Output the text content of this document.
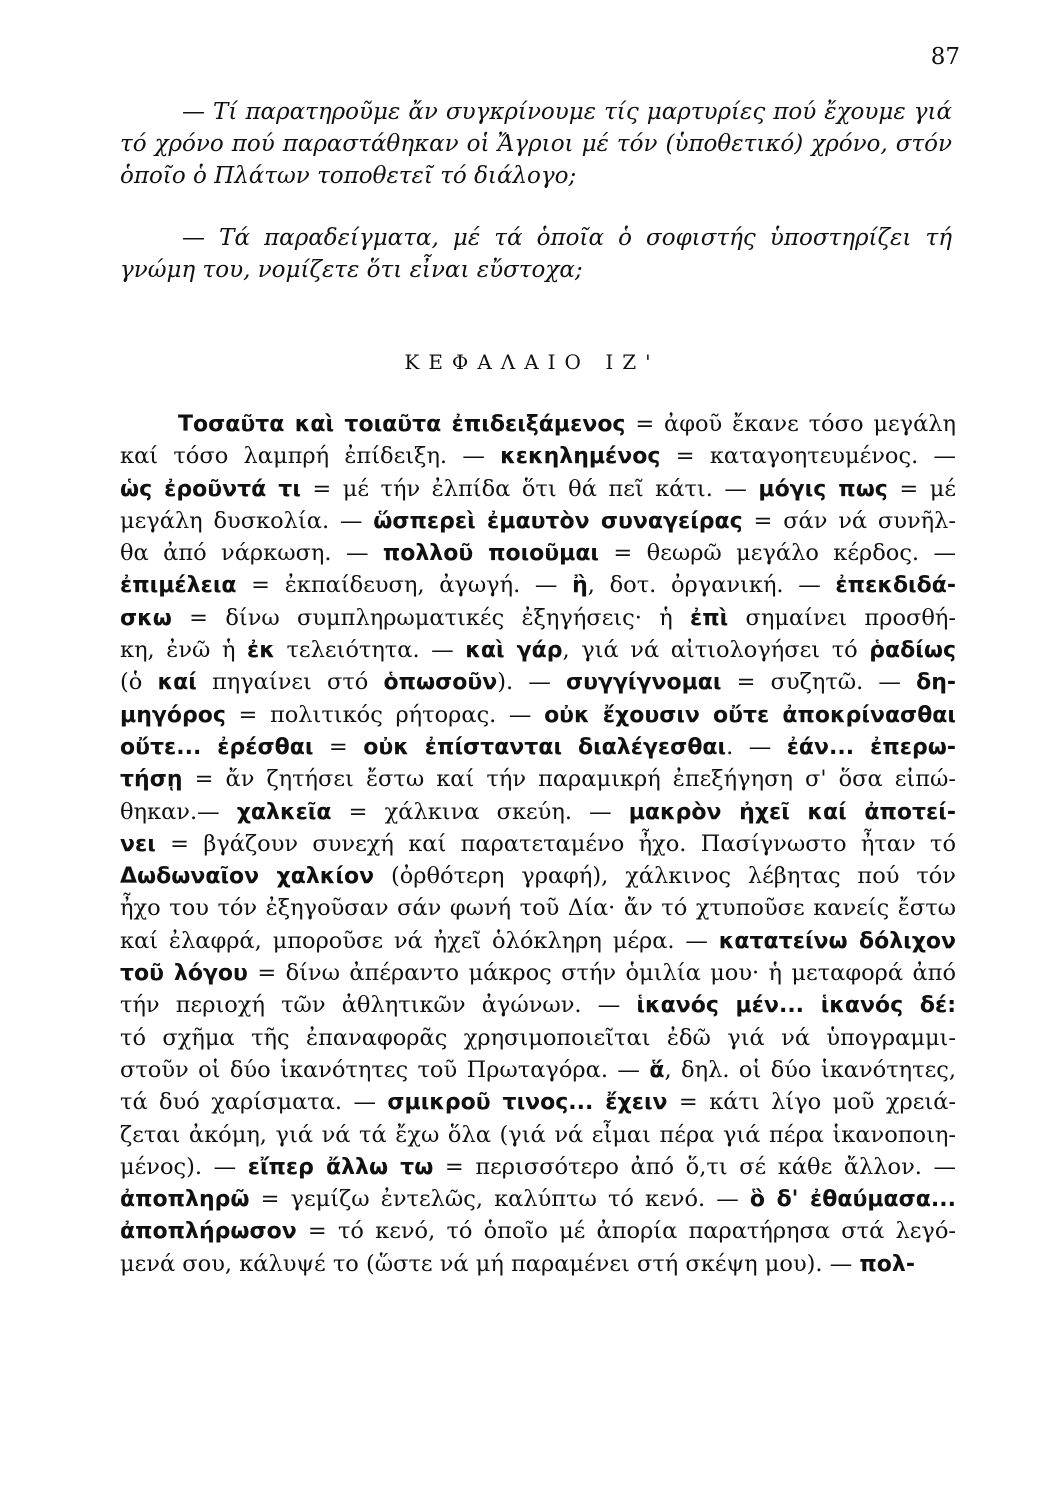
87
— Τί παρατηροῦμε ἄν συγκρίνουμε τίς μαρτυρίες πού ἔχουμε γιά τό χρόνο πού παραστάθηκαν οἱ Ἄγριοι μέ τόν (ὑποθετικό) χρόνο, στόν ὁποῖο ὁ Πλάτων τοποθετεῖ τό διάλογο;
— Τά παραδείγματα, μέ τά ὁποῖα ὁ σοφιστής ὑποστηρίζει τή γνώμη του, νομίζετε ὅτι εἶναι εὔστοχα;
ΚΕΦΑΛΑΙΟ ΙΖ'
Τοσαῦτα καὶ τοιαῦτα ἐπιδειξάμενος = ἀφοῦ ἔκανε τόσο μεγάλη
καί τόσο λαμπρή ἐπίδειξη. — κεκηλημένος = καταγοητευμένος. —
ὡς ἐροῦντά τι = μέ τήν ἐλπίδα ὅτι θά πεῖ κάτι. — μόγις πως = μέ
μεγάλη δυσκολία. — ὥσπερεὶ ἐμαυτὸν συναγείρας = σάν νά συνῆλ-
θα ἀπό νάρκωση. — πολλοῦ ποιοῦμαι = θεωρῶ μεγάλο κέρδος. —
ἐπιμέλεια = ἐκπαίδευση, ἀγωγή. — ἢ, δοτ. ὀργανική. — ἐπεκδιδά-
σκω = δίνω συμπληρωματικές ἐξηγήσεις· ἡ ἐπὶ σημαίνει προσθή-
κη, ἐνῶ ἡ ἐκ τελειότητα. — καὶ γάρ, γιά νά αἰτιολογήσει τό ῥαδίως
(ὁ καί πηγαίνει στό ὁπωσοῦν). — συγγίγνομαι = συζητῶ. — δη-
μηγόρος = πολιτικός ρήτορας. — οὐκ ἔχουσιν οὔτε ἀποκρίνασθαι
οὔτε... ἐρέσθαι = οὐκ ἐπίστανται διαλέγεσθαι. — ἐάν... ἐπερω-
τήσῃ = ἄν ζητήσει ἔστω καί τήν παραμικρή ἐπεξήγηση σ' ὅσα εἰπώ-
θηκαν.— χαλκεῖα = χάλκινα σκεύη. — μακρὸν ἠχεῖ καί ἀποτεί-
νει = βγάζουν συνεχή καί παρατεταμένο ἦχο. Πασίγνωστο ἦταν τό
Δωδωναῖον χαλκίον (ὀρθότερη γραφή), χάλκινος λέβητας πού τόν
ἦχο του τόν ἐξηγοῦσαν σάν φωνή τοῦ Δία· ἄν τό χτυποῦσε κανείς ἔστω
καί ἐλαφρά, μποροῦσε νά ἠχεῖ ὁλόκληρη μέρα. — κατατείνω δόλιχον
τοῦ λόγου = δίνω ἀπέραντο μάκρος στήν ὁμιλία μου· ἡ μεταφορά ἀπό
τήν περιοχή τῶν ἀθλητικῶν ἀγώνων. — ἱκανός μέν... ἱκανός δέ:
τό σχῆμα τῆς ἐπαναφορᾶς χρησιμοποιεῖται ἐδῶ γιά νά ὑπογραμμι-
στοῦν οἱ δύο ἱκανότητες τοῦ Πρωταγόρα. — ἅ, δηλ. οἱ δύο ἱκανότητες,
τά δυό χαρίσματα. — σμικροῦ τινος... ἔχειν = κάτι λίγο μοῦ χρειά-
ζεται ἀκόμη, γιά νά τά ἔχω ὅλα (γιά νά εἶμαι πέρα γιά πέρα ἱκανοποιη-
μένος). — εἴπερ ἄλλω τω = περισσότερο ἀπό ὅ,τι σέ κάθε ἄλλον. —
ἀποπληρῶ = γεμίζω ἐντελῶς, καλύπτω τό κενό. — ὃ δ' ἐθαύμασα...
ἀποπλήρωσον = τό κενό, τό ὁποῖο μέ ἀπορία παρατήρησα στά λεγό-
μενά σου, κάλυψέ το (ὥστε νά μή παραμένει στή σκέψη μου). — πολ-
